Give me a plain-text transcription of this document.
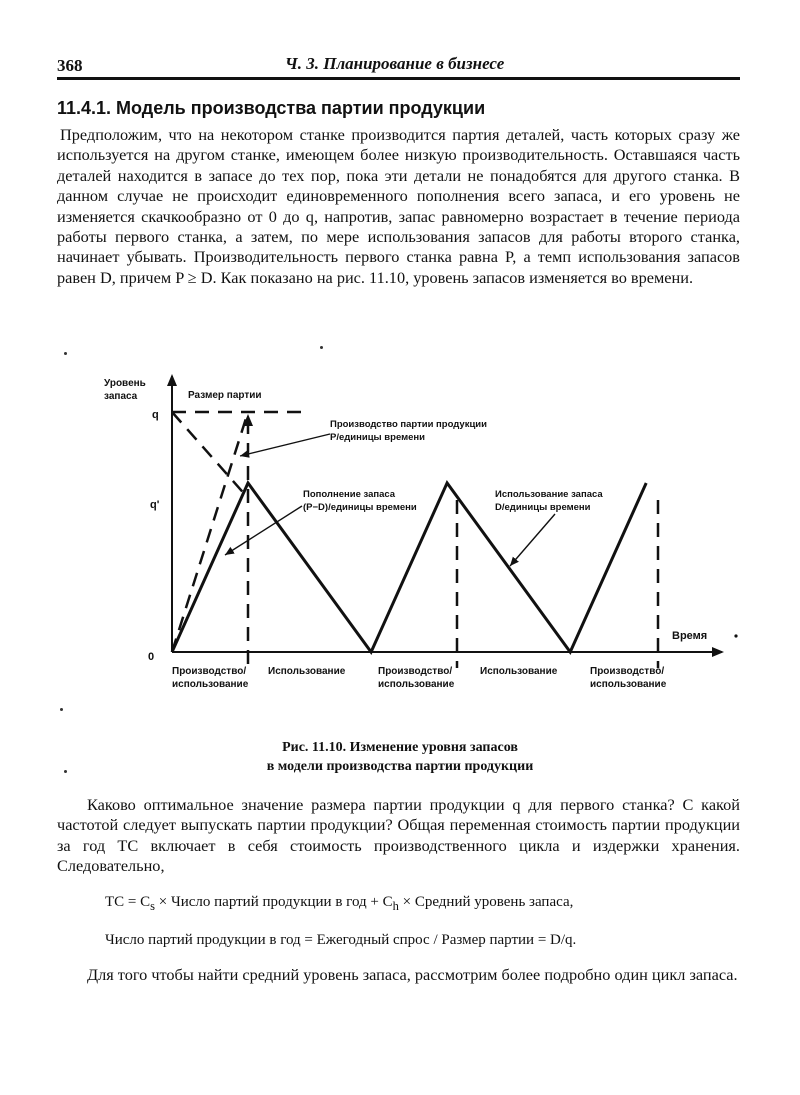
368	Ч. 3. Планирование в бизнесе
11.4.1. Модель производства партии продукции
Предположим, что на некотором станке производится партия деталей, часть которых сразу же используется на другом станке, имеющем более низкую производительность. Оставшаяся часть деталей находится в запасе до тех пор, пока эти детали не понадобятся для другого станка. В данном случае не происходит единовременного пополнения всего запаса, и его уровень не изменяется скачкообразно от 0 до q, напротив, запас равномерно возрастает в течение периода работы первого станка, а затем, по мере использования запасов для работы второго станка, начинает убывать. Производительность первого станка равна P, а темп использования запасов равен D, причем P ≥ D. Как показано на рис. 11.10, уровень запасов изменяется во времени.
Уровень
запаса
Время
q
q'
0
Размер партии
Производство партии продукции
P/единицы времени
Пополнение запаса
(P−D)/единицы времени
Использование запаса
D/единицы времени
Производство/
использование
Использование	Производство/
использование
Использование	Производство/
использование
Рис. 11.10. Изменение уровня запасов
в модели производства партии продукции
Каково оптимальное значение размера партии продукции q для первого станка? С какой частотой следует выпускать партии продукции? Общая переменная стоимость партии продукции за год TC включает в себя стоимость производственного цикла и издержки хранения. Следовательно,
TC = $C_s$ × Число партий продукции в год + $C_h$ × Средний уровень запаса,
Число партий продукции в год = Ежегодный спрос / Размер партии = D/q.
Для того чтобы найти средний уровень запаса, рассмотрим более подробно один цикл запаса.
